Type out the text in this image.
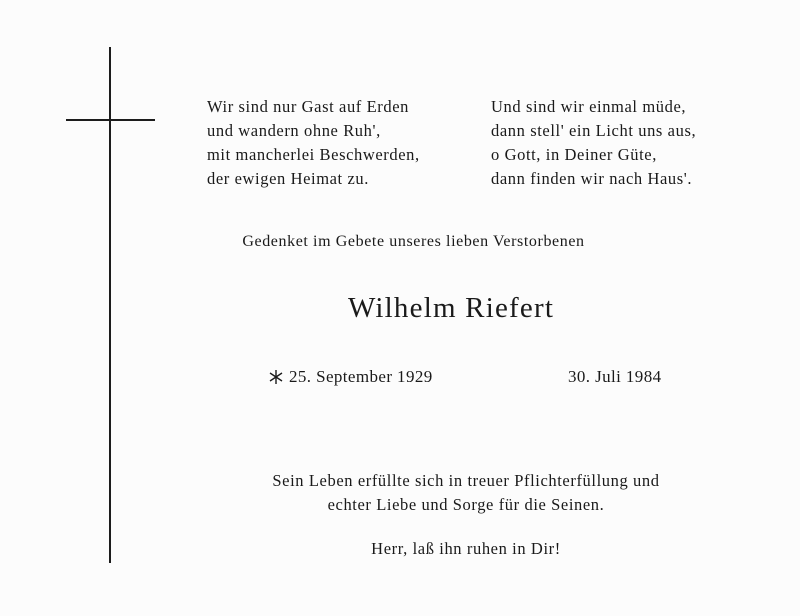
Wir sind nur Gast auf Erden
und wandern ohne Ruh',
mit mancherlei Beschwerden,
der ewigen Heimat zu.
Und sind wir einmal müde,
dann stell' ein Licht uns aus,
o Gott, in Deiner Güte,
dann finden wir nach Haus'.
Gedenket im Gebete unseres lieben Verstorbenen
Wilhelm Riefert
25. September 1929	30. Juli 1984
Sein Leben erfüllte sich in treuer Pflichterfüllung und
echter Liebe und Sorge für die Seinen.
Herr, laß ihn ruhen in Dir!
